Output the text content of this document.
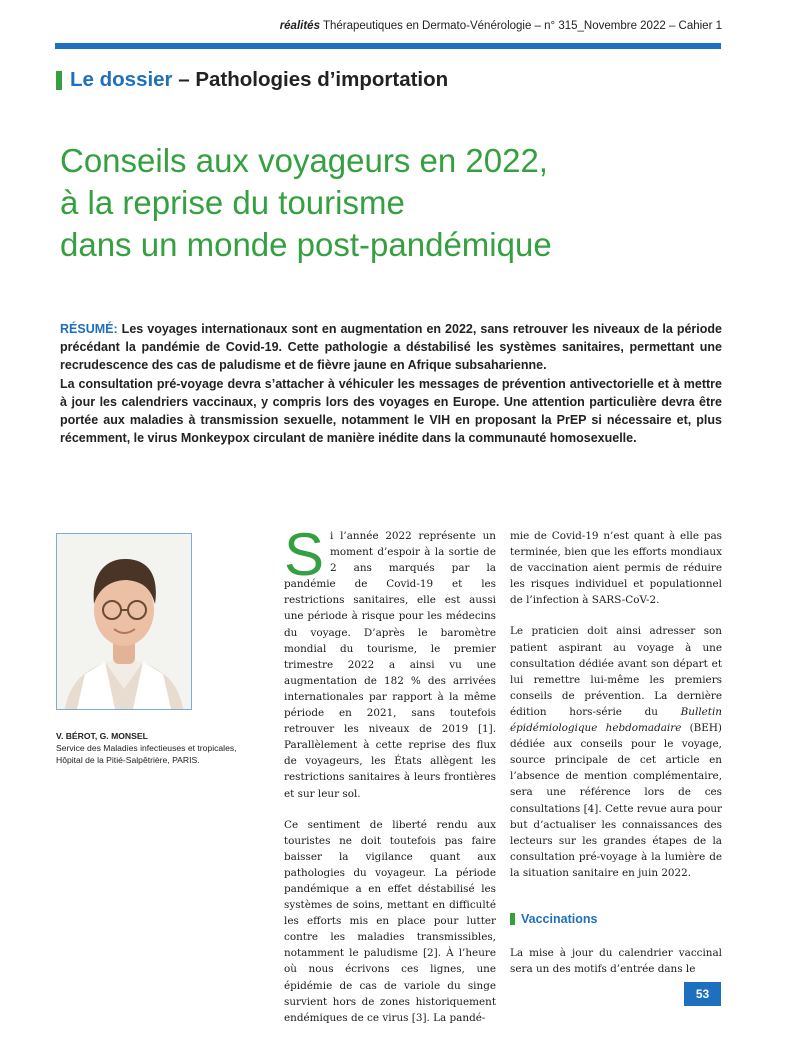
réalités Thérapeutiques en Dermato-Vénérologie – n° 315_Novembre 2022 – Cahier 1
Le dossier – Pathologies d’importation
Conseils aux voyageurs en 2022,
à la reprise du tourisme
dans un monde post-pandémique

RÉSUMÉ: Les voyages internationaux sont en augmentation en 2022, sans retrouver les niveaux de la période précédant la pandémie de Covid-19. Cette pathologie a déstabilisé les systèmes sanitaires, permettant une recrudescence des cas de paludisme et de fièvre jaune en Afrique subsaharienne.

La consultation pré-voyage devra s’attacher à véhiculer les messages de prévention antivectorielle et à mettre à jour les calendriers vaccinaux, y compris lors des voyages en Europe. Une attention particulière devra être portée aux maladies à transmission sexuelle, notamment le VIH en proposant la PrEP si nécessaire et, plus récemment, le virus Monkeypox circulant de manière inédite dans la communauté homosexuelle.

V. BÉROT, G. MONSEL
Service des Maladies infectieuses et tropicales, Hôpital de la Pitié-Salpêtrière, PARIS.

Si l’année 2022 représente un moment d’espoir à la sortie de 2 ans marqués par la pandémie de Covid-19 et les restrictions sanitaires, elle est aussi une période à risque pour les médecins du voyage. D’après le baromètre mondial du tourisme, le premier trimestre 2022 a ainsi vu une augmentation de 182 % des arrivées internationales par rapport à la même période en 2021, sans toutefois retrouver les niveaux de 2019 [1]. Parallèlement à cette reprise des flux de voyageurs, les États allègent les restrictions sanitaires à leurs frontières et sur leur sol.

Ce sentiment de liberté rendu aux touristes ne doit toutefois pas faire baisser la vigilance quant aux pathologies du voyageur. La période pandémique a en effet déstabilisé les systèmes de soins, mettant en difficulté les efforts mis en place pour lutter contre les maladies transmissibles, notamment le paludisme [2]. À l’heure où nous écrivons ces lignes, une épidémie de cas de variole du singe survient hors de zones historiquement endémiques de ce virus [3]. La pandé-

mie de Covid-19 n’est quant à elle pas terminée, bien que les efforts mondiaux de vaccination aient permis de réduire les risques individuel et populationnel de l’infection à SARS-CoV-2.

Le praticien doit ainsi adresser son patient aspirant au voyage à une consultation dédiée avant son départ et lui remettre lui-même les premiers conseils de prévention. La dernière édition hors-série du Bulletin épidémiologique hebdomadaire (BEH) dédiée aux conseils pour le voyage, source principale de cet article en l’absence de mention complémentaire, sera une référence lors de ces consultations [4]. Cette revue aura pour but d’actualiser les connaissances des lecteurs sur les grandes étapes de la consultation pré-voyage à la lumière de la situation sanitaire en juin 2022.

Vaccinations

La mise à jour du calendrier vaccinal sera un des motifs d’entrée dans le

53
